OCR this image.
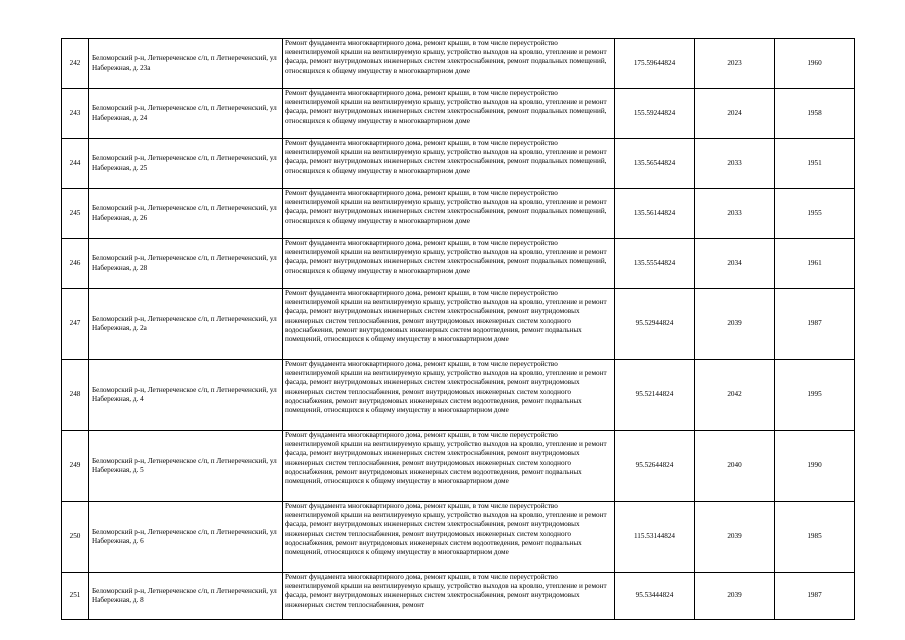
242	Беломорский р-н, Летнереченское с/п, п Летнереченский, ул Набережная, д. 23а	Ремонт фундамента многоквартирного дома, ремонт крыши, в том числе переустройство невентилируемой крыши на вентилируемую крышу, устройство выходов на кровлю, утепление и ремонт фасада, ремонт внутридомовых инженерных систем электроснабжения, ремонт подвальных помещений, относящихся к общему имуществу в многоквартирном доме	175.59644824	2023	1960
243	Беломорский р-н, Летнереченское с/п, п Летнереченский, ул Набережная, д. 24	Ремонт фундамента многоквартирного дома, ремонт крыши, в том числе переустройство невентилируемой крыши на вентилируемую крышу, устройство выходов на кровлю, утепление и ремонт фасада, ремонт внутридомовых инженерных систем электроснабжения, ремонт подвальных помещений, относящихся к общему имуществу в многоквартирном доме	155.59244824	2024	1958
244	Беломорский р-н, Летнереченское с/п, п Летнереченский, ул Набережная, д. 25	Ремонт фундамента многоквартирного дома, ремонт крыши, в том числе переустройство невентилируемой крыши на вентилируемую крышу, устройство выходов на кровлю, утепление и ремонт фасада, ремонт внутридомовых инженерных систем электроснабжения, ремонт подвальных помещений, относящихся к общему имуществу в многоквартирном доме	135.56544824	2033	1951
245	Беломорский р-н, Летнереченское с/п, п Летнереченский, ул Набережная, д. 26	Ремонт фундамента многоквартирного дома, ремонт крыши, в том числе переустройство невентилируемой крыши на вентилируемую крышу, устройство выходов на кровлю, утепление и ремонт фасада, ремонт внутридомовых инженерных систем электроснабжения, ремонт подвальных помещений, относящихся к общему имуществу в многоквартирном доме	135.56144824	2033	1955
246	Беломорский р-н, Летнереченское с/п, п Летнереченский, ул Набережная, д. 28	Ремонт фундамента многоквартирного дома, ремонт крыши, в том числе переустройство невентилируемой крыши на вентилируемую крышу, устройство выходов на кровлю, утепление и ремонт фасада, ремонт внутридомовых инженерных систем электроснабжения, ремонт подвальных помещений, относящихся к общему имуществу в многоквартирном доме	135.55544824	2034	1961
247	Беломорский р-н, Летнереченское с/п, п Летнереченский, ул Набережная, д. 2а	Ремонт фундамента многоквартирного дома, ремонт крыши, в том числе переустройство невентилируемой крыши на вентилируемую крышу, устройство выходов на кровлю, утепление и ремонт фасада, ремонт внутридомовых инженерных систем электроснабжения, ремонт внутридомовых инженерных систем теплоснабжения, ремонт внутридомовых инженерных систем холодного водоснабжения, ремонт внутридомовых инженерных систем водоотведения, ремонт подвальных помещений, относящихся к общему имуществу в многоквартирном доме	95.52944824	2039	1987
248	Беломорский р-н, Летнереченское с/п, п Летнереченский, ул Набережная, д. 4	Ремонт фундамента многоквартирного дома, ремонт крыши, в том числе переустройство невентилируемой крыши на вентилируемую крышу, устройство выходов на кровлю, утепление и ремонт фасада, ремонт внутридомовых инженерных систем электроснабжения, ремонт внутридомовых инженерных систем теплоснабжения, ремонт внутридомовых инженерных систем холодного водоснабжения, ремонт внутридомовых инженерных систем водоотведения, ремонт подвальных помещений, относящихся к общему имуществу в многоквартирном доме	95.52144824	2042	1995
249	Беломорский р-н, Летнереченское с/п, п Летнереченский, ул Набережная, д. 5	Ремонт фундамента многоквартирного дома, ремонт крыши, в том числе переустройство невентилируемой крыши на вентилируемую крышу, устройство выходов на кровлю, утепление и ремонт фасада, ремонт внутридомовых инженерных систем электроснабжения, ремонт внутридомовых инженерных систем теплоснабжения, ремонт внутридомовых инженерных систем холодного водоснабжения, ремонт внутридомовых инженерных систем водоотведения, ремонт подвальных помещений, относящихся к общему имуществу в многоквартирном доме	95.52644824	2040	1990
250	Беломорский р-н, Летнереченское с/п, п Летнереченский, ул Набережная, д. 6	Ремонт фундамента многоквартирного дома, ремонт крыши, в том числе переустройство невентилируемой крыши на вентилируемую крышу, устройство выходов на кровлю, утепление и ремонт фасада, ремонт внутридомовых инженерных систем электроснабжения, ремонт внутридомовых инженерных систем теплоснабжения, ремонт внутридомовых инженерных систем холодного водоснабжения, ремонт внутридомовых инженерных систем водоотведения, ремонт подвальных помещений, относящихся к общему имуществу в многоквартирном доме	115.53144824	2039	1985
251	Беломорский р-н, Летнереченское с/п, п Летнереченский, ул Набережная, д. 8	Ремонт фундамента многоквартирного дома, ремонт крыши, в том числе переустройство невентилируемой крыши на вентилируемую крышу, устройство выходов на кровлю, утепление и ремонт фасада, ремонт внутридомовых инженерных систем электроснабжения, ремонт внутридомовых инженерных систем теплоснабжения, ремонт	95.53444824	2039	1987
